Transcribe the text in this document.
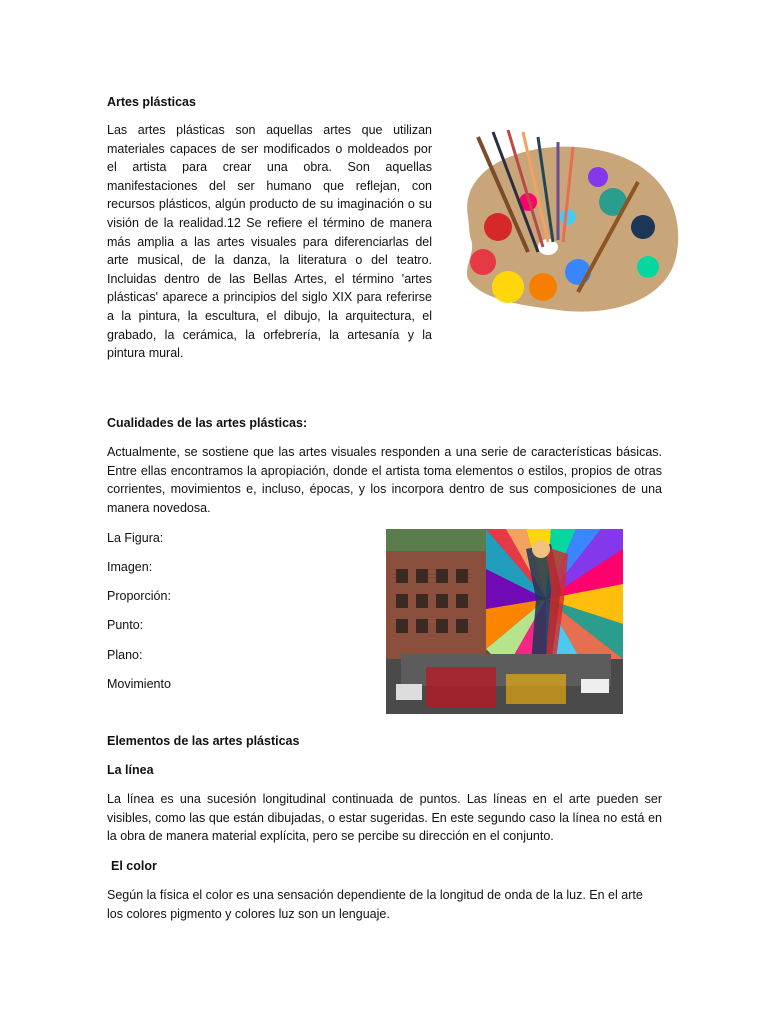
Artes plásticas
Las artes plásticas son aquellas artes que utilizan materiales capaces de ser modificados o moldeados por el artista para crear una obra. Son aquellas manifestaciones del ser humano que reflejan, con recursos plásticos, algún producto de su imaginación o su visión de la realidad.12 Se refiere el término de manera más amplia a las artes visuales para diferenciarlas del arte musical, de la danza, la literatura o del teatro. Incluidas dentro de las Bellas Artes, el término 'artes plásticas' aparece a principios del siglo XIX para referirse a la pintura, la escultura, el dibujo, la arquitectura, el grabado, la cerámica, la orfebrería, la artesanía y la pintura mural.
Cualidades de las artes plásticas:
Actualmente, se sostiene que las artes visuales responden a una serie de características básicas. Entre ellas encontramos la apropiación, donde el artista toma elementos o estilos, propios de otras corrientes, movimientos e, incluso, épocas, y los incorpora dentro de sus composiciones de una manera novedosa.
La Figura:
Imagen:
Proporción:
Punto:
Plano:
Movimiento
Elementos de las artes plásticas
La línea
La línea es una sucesión longitudinal continuada de puntos. Las líneas en el arte pueden ser visibles, como las que están dibujadas, o estar sugeridas. En este segundo caso la línea no está en la obra de manera material explícita, pero se percibe su dirección en el conjunto.
El color
Según la física el color es una sensación dependiente de la longitud de onda de la luz. En el arte los colores pigmento y colores luz son un lenguaje.
